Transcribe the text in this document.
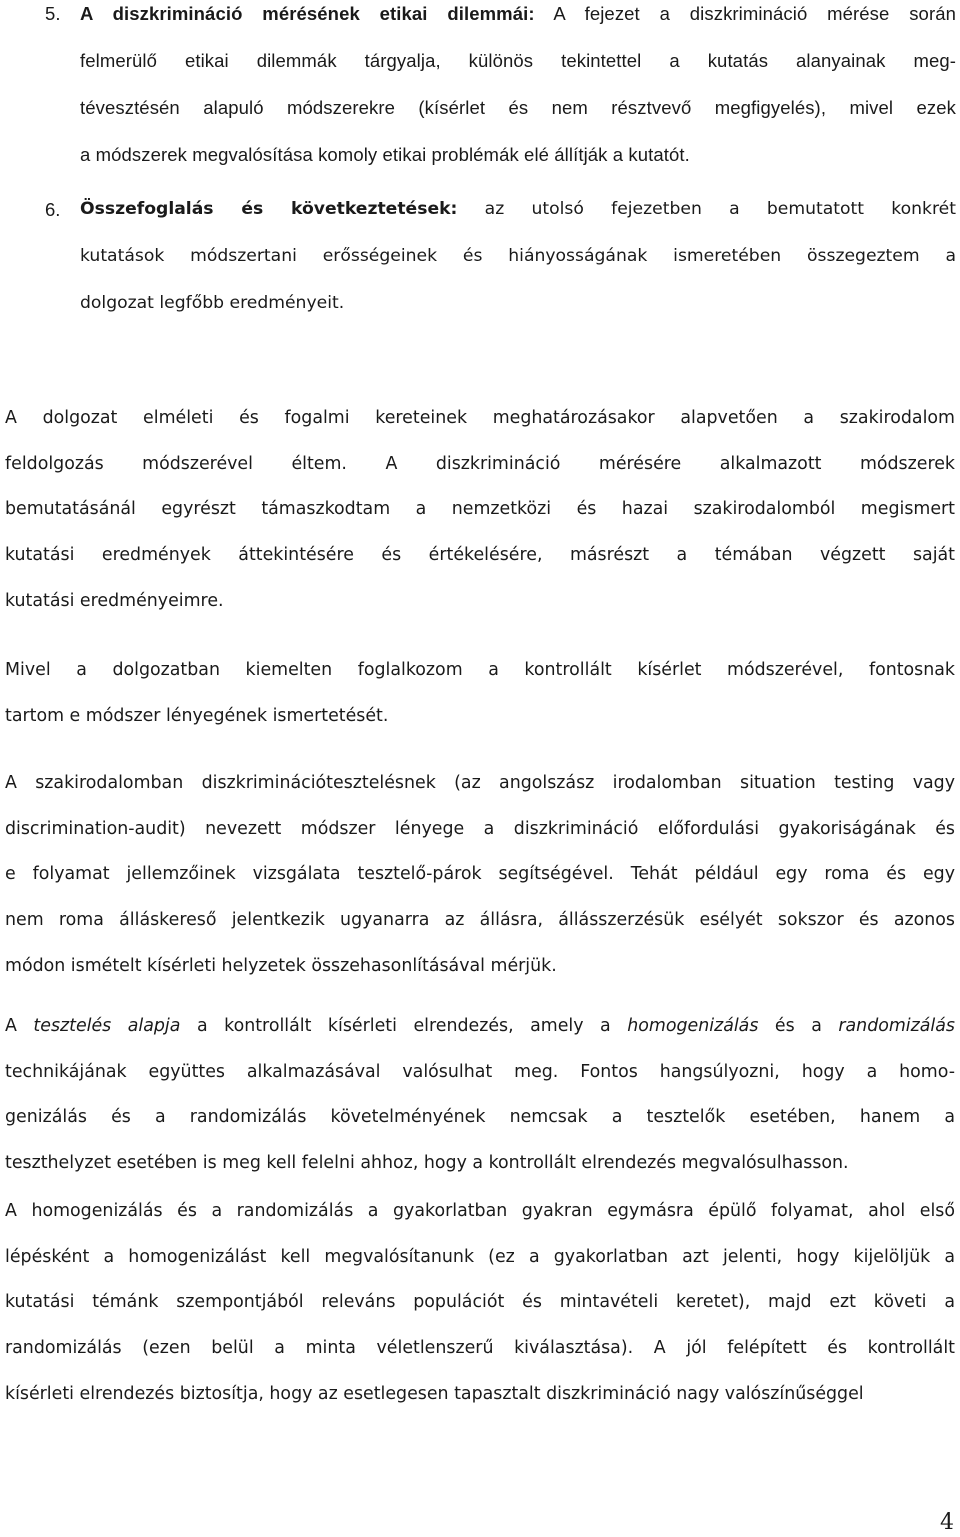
5. A diszkrimináció mérésének etikai dilemmái: A fejezet a diszkrimináció mérése során
felmerülő etikai dilemmák tárgyalja, különös tekintettel a kutatás alanyainak meg-
tévesztésén alapuló módszerekre (kísérlet és nem résztvevő megfigyelés), mivel ezek
a módszerek megvalósítása komoly etikai problémák elé állítják a kutatót.
6. Összefoglalás és következtetések: az utolsó fejezetben a bemutatott konkrét
kutatások módszertani erősségeinek és hiányosságának ismeretében összegeztem a
dolgozat legfőbb eredményeit.

A dolgozat elméleti és fogalmi kereteinek meghatározásakor alapvetően a szakirodalom
feldolgozás módszerével éltem. A diszkrimináció mérésére alkalmazott módszerek
bemutatásánál egyrészt támaszkodtam a nemzetközi és hazai szakirodalomból megismert
kutatási eredmények áttekintésére és értékelésére, másrészt a témában végzett saját
kutatási eredményeimre.

Mivel a dolgozatban kiemelten foglalkozom a kontrollált kísérlet módszerével, fontosnak
tartom e módszer lényegének ismertetését.

A szakirodalomban diszkriminációtesztelésnek (az angolszász irodalomban situation testing vagy
discrimination-audit) nevezett módszer lényege a diszkrimináció előfordulási gyakoriságának és
e folyamat jellemzőinek vizsgálata tesztelő-párok segítségével. Tehát például egy roma és egy
nem roma álláskereső jelentkezik ugyanarra az állásra, állásszerzésük esélyét sokszor és azonos
módon ismételt kísérleti helyzetek összehasonlításával mérjük.

A tesztelés alapja a kontrollált kísérleti elrendezés, amely a homogenizálás és a randomizálás
technikájának együttes alkalmazásával valósulhat meg. Fontos hangsúlyozni, hogy a homo-
genizálás és a randomizálás követelményének nemcsak a tesztelők esetében, hanem a
teszthelyzet esetében is meg kell felelni ahhoz, hogy a kontrollált elrendezés megvalósulhasson.

A homogenizálás és a randomizálás a gyakorlatban gyakran egymásra épülő folyamat, ahol első
lépésként a homogenizálást kell megvalósítanunk (ez a gyakorlatban azt jelenti, hogy kijelöljük a
kutatási témánk szempontjából releváns populációt és mintavételi keretet), majd ezt követi a
randomizálás (ezen belül a minta véletlenszerű kiválasztása). A jól felépített és kontrollált
kísérleti elrendezés biztosítja, hogy az esetlegesen tapasztalt diszkrimináció nagy valószínűséggel

4
